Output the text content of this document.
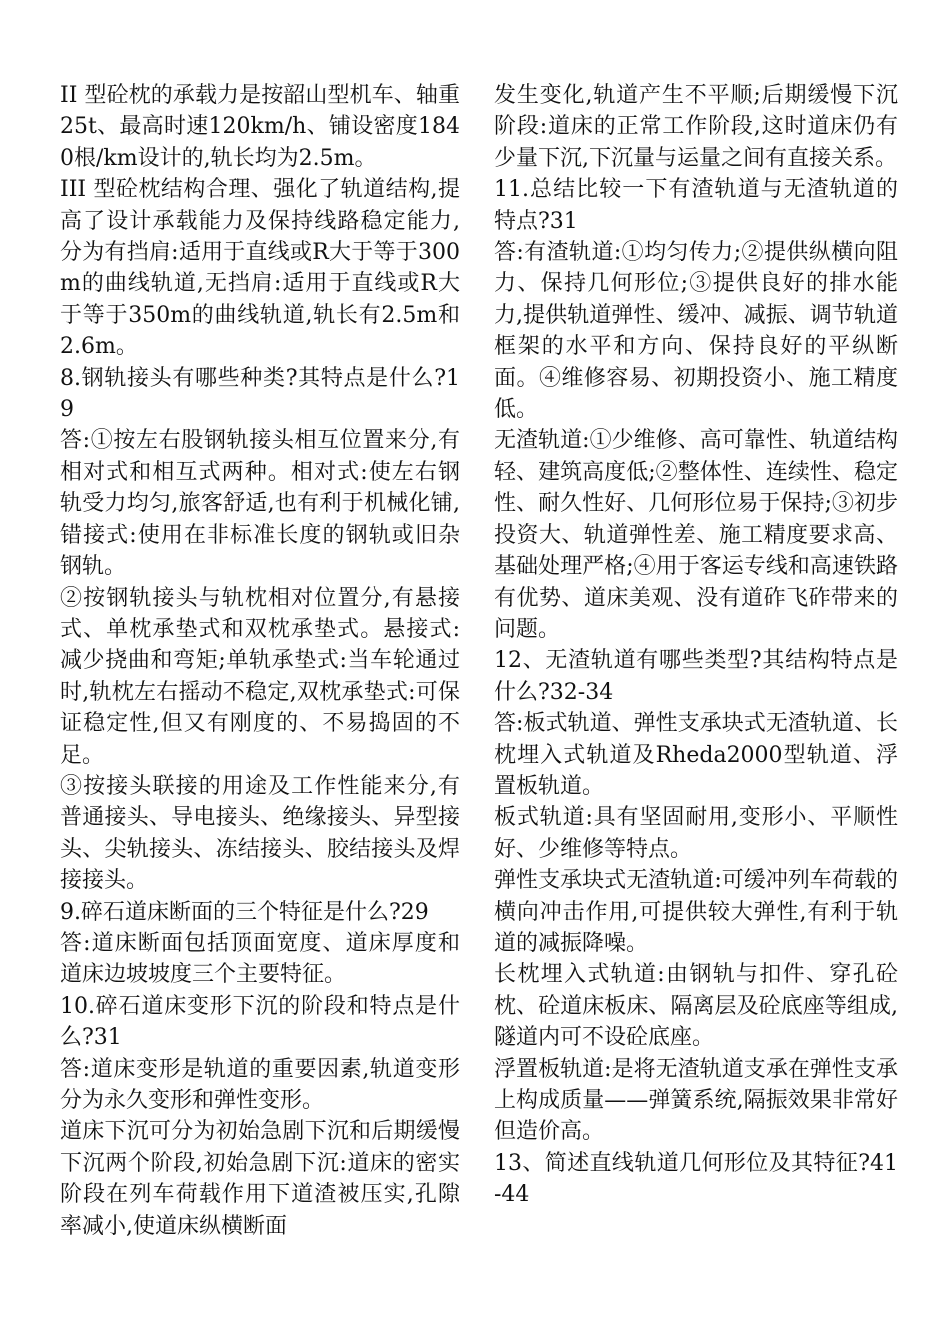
II 型砼枕的承载力是按韶山型机车、轴重25t、最高时速120km/h、铺设密度1840根/km设计的,轨长均为2.5m。

III 型砼枕结构合理、强化了轨道结构,提高了设计承载能力及保持线路稳定能力,   分为有挡肩:适用于直线或R大于等于300m的曲线轨道,无挡肩:适用于直线或R大于等于350m的曲线轨道,轨长有2.5m和2.6m。

8.钢轨接头有哪些种类?其特点是什么?19

答:①按左右股钢轨接头相互位置来分,有相对式和相互式两种。相对式:使左右钢轨受力均匀,旅客舒适,也有利于机械化铺,错接式:使用在非标准长度的钢轨或旧杂钢轨。

②按钢轨接头与轨枕相对位置分,有悬接式、单枕承垫式和双枕承垫式。悬接式:减少挠曲和弯矩;单轨承垫式:当车轮通过时,轨枕左右摇动不稳定,双枕承垫式:可保证稳定性,但又有刚度的、不易捣固的不足。

③按接头联接的用途及工作性能来分,有普通接头、导电接头、绝缘接头、异型接头、尖轨接头、冻结接头、胶结接头及焊接接头。

9.碎石道床断面的三个特征是什么?29

答:道床断面包括顶面宽度、道床厚度和道床边坡坡度三个主要特征。

10.碎石道床变形下沉的阶段和特点是什么?31

答:道床变形是轨道的重要因素,轨道变形分为永久变形和弹性变形。

道床下沉可分为初始急剧下沉和后期缓慢下沉两个阶段,初始急剧下沉:道床的密实阶段在列车荷载作用下道渣被压实,孔隙率减小,使道床纵横断面

发生变化,轨道产生不平顺;后期缓慢下沉阶段:道床的正常工作阶段,这时道床仍有少量下沉,下沉量与运量之间有直接关系。

11.总结比较一下有渣轨道与无渣轨道的特点?31

答:有渣轨道:①均匀传力;②提供纵横向阻力、保持几何形位;③提供良好的排水能力,提供轨道弹性、缓冲、减振、调节轨道框架的水平和方向、保持良好的平纵断面。④维修容易、初期投资小、施工精度低。

无渣轨道:①少维修、高可靠性、轨道结构轻、建筑高度低;②整体性、连续性、稳定性、耐久性好、几何形位易于保持;③初步投资大、轨道弹性差、施工精度要求高、基础处理严格;④用于客运专线和高速铁路有优势、道床美观、没有道砟飞砟带来的问题。

12、无渣轨道有哪些类型?其结构特点是什么?32-34

答:板式轨道、弹性支承块式无渣轨道、长枕埋入式轨道及Rheda2000型轨道、浮置板轨道。

板式轨道:具有坚固耐用,变形小、平顺性好、少维修等特点。

弹性支承块式无渣轨道:可缓冲列车荷载的横向冲击作用,可提供较大弹性,有利于轨道的减振降噪。

长枕埋入式轨道:由钢轨与扣件、穿孔砼枕、砼道床板床、隔离层及砼底座等组成,隧道内可不设砼底座。

浮置板轨道:是将无渣轨道支承在弹性支承上构成质量——弹簧系统,隔振效果非常好但造价高。

13、简述直线轨道几何形位及其特征?41-44
